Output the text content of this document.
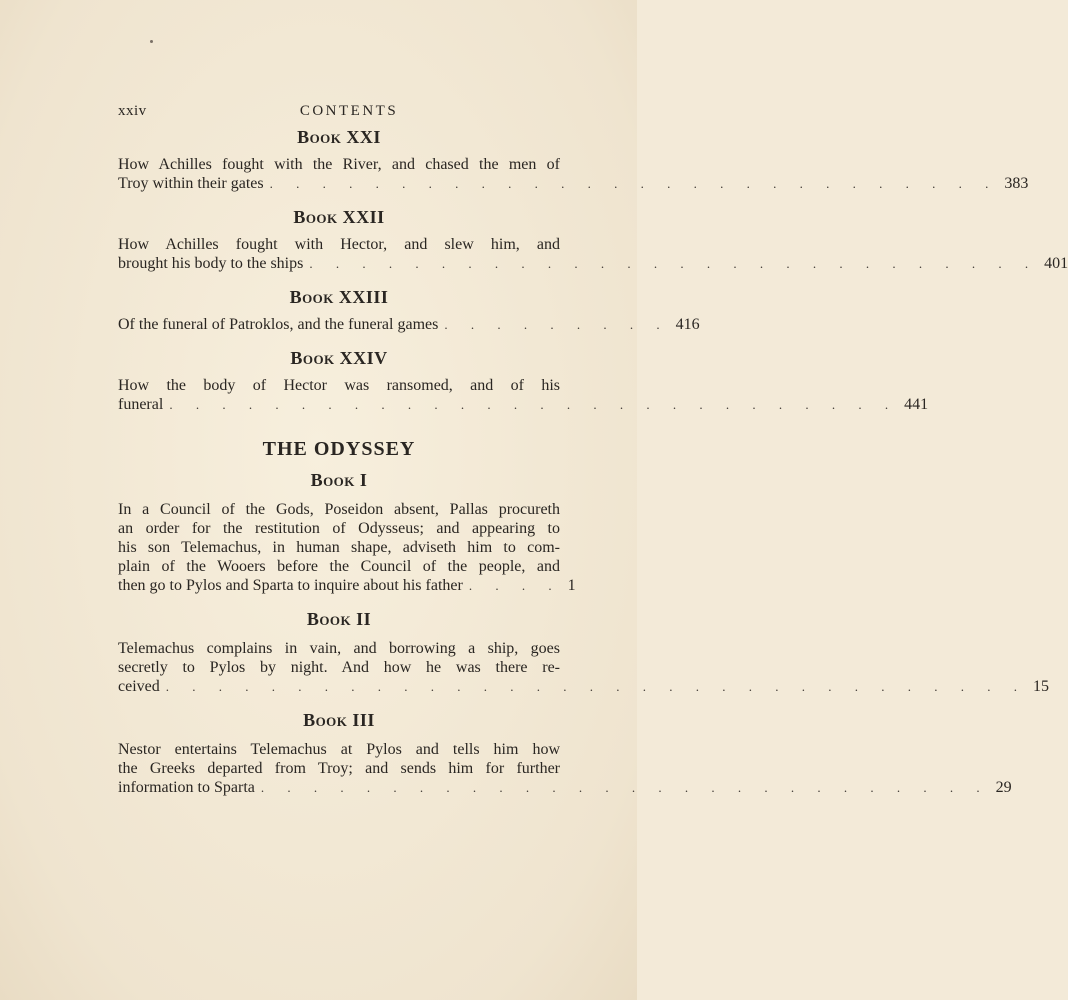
xxiv	CONTENTS
Book XXI
How Achilles fought with the River, and chased the men of
Troy within their gates . . . . . . . . . . . . . . . . . . . . . . . . . . . . 383
Book XXII
How Achilles fought with Hector, and slew him, and
brought his body to the ships . . . . . . . . . . . . . . . . . . . . . . . . . . . . 401
Book XXIII
Of the funeral of Patroklos, and the funeral games . . . . . . . . . 416
Book XXIV
How the body of Hector was ransomed, and of his
funeral . . . . . . . . . . . . . . . . . . . . . . . . . . . . 441
THE ODYSSEY
Book I
In a Council of the Gods, Poseidon absent, Pallas procureth
an order for the restitution of Odysseus; and appearing to
his son Telemachus, in human shape, adviseth him to com-
plain of the Wooers before the Council of the people, and
then go to Pylos and Sparta to inquire about his father . . . . 1
Book II
Telemachus complains in vain, and borrowing a ship, goes
secretly to Pylos by night. And how he was there re-
ceived . . . . . . . . . . . . . . . . . . . . . . . . . . . . . . . . . 15
Book III
Nestor entertains Telemachus at Pylos and tells him how
the Greeks departed from Troy; and sends him for further
information to Sparta . . . . . . . . . . . . . . . . . . . . . . . . . . . . 29
